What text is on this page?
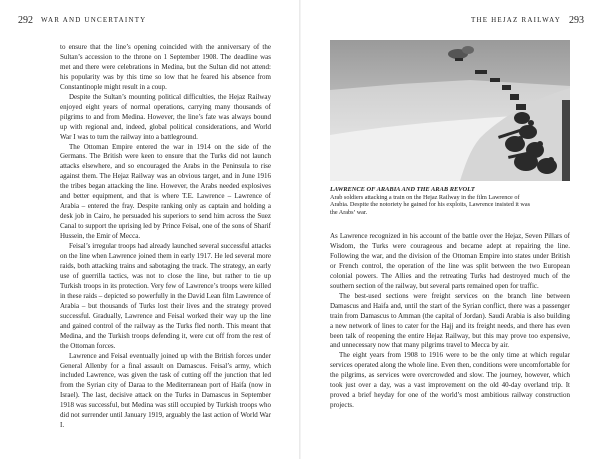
292 WAR AND UNCERTAINTY

to ensure that the line’s opening coincided with the anniversary of the Sultan’s accession to the throne on 1 September 1908. The deadline was met and there were celebrations in Medina, but the Sultan did not attend: his popularity was by this time so low that he feared his absence from Constantinople might result in a coup.

Despite the Sultan’s mounting political difficulties, the Hejaz Railway enjoyed eight years of normal operations, carrying many thousands of pilgrims to and from Medina. However, the line’s fate was always bound up with regional and, indeed, global political considerations, and World War I was to turn the railway into a battleground.

The Ottoman Empire entered the war in 1914 on the side of the Germans. The British were keen to ensure that the Turks did not launch attacks elsewhere, and so encouraged the Arabs in the Peninsula to rise against them. The Hejaz Railway was an obvious target, and in June 1916 the tribes began attacking the line. However, the Arabs needed explosives and better equipment, and that is where T.E. Lawrence – Lawrence of Arabia – entered the fray. Despite ranking only as captain and holding a desk job in Cairo, he persuaded his superiors to send him across the Suez Canal to support the uprising led by Prince Feisal, one of the sons of Sharif Hussein, the Emir of Mecca.

Feisal’s irregular troops had already launched several successful attacks on the line when Lawrence joined them in early 1917. He led several more raids, both attacking trains and sabotaging the track. The strategy, an early use of guerrilla tactics, was not to close the line, but rather to tie up Turkish troops in its protection. Very few of Lawrence’s troops were killed in these raids – depicted so powerfully in the David Lean film Lawrence of Arabia – but thousands of Turks lost their lives and the strategy proved successful. Gradually, Lawrence and Feisal worked their way up the line and gained control of the railway as the Turks fled north. This meant that Medina, and the Turkish troops defending it, were cut off from the rest of the Ottoman forces.

Lawrence and Feisal eventually joined up with the British forces under General Allenby for a final assault on Damascus. Feisal’s army, which included Lawrence, was given the task of cutting off the junction that led from the Syrian city of Daraa to the Mediterranean port of Haifa (now in Israel). The last, decisive attack on the Turks in Damascus in September 1918 was successful, but Medina was still occupied by Turkish troops who did not surrender until January 1919, arguably the last action of World War I.

THE HEJAZ RAILWAY 293
LAWRENCE OF ARABIA AND THE ARAB REVOLT
Arab soldiers attacking a train on the Hejaz Railway in the film Lawrence of Arabia. Despite the notoriety he gained for his exploits, Lawrence insisted it was the Arabs’ war.

As Lawrence recognized in his account of the battle over the Hejaz, Seven Pillars of Wisdom, the Turks were courageous and became adept at repairing the line. Following the war, and the division of the Ottoman Empire into states under British or French control, the operation of the line was split between the two European colonial powers. The Allies and the retreating Turks had destroyed much of the southern section of the railway, but several parts remained open for traffic.

The best-used sections were freight services on the branch line between Damascus and Haifa and, until the start of the Syrian conflict, there was a passenger train from Damascus to Amman (the capital of Jordan). Saudi Arabia is also building a new network of lines to cater for the Hajj and its freight needs, and there has even been talk of reopening the entire Hejaz Railway, but this may prove too expensive, and unnecessary now that many pilgrims travel to Mecca by air.

The eight years from 1908 to 1916 were to be the only time at which regular services operated along the whole line. Even then, conditions were uncomfortable for the pilgrims, as services were overcrowded and slow. The journey, however, which took just over a day, was a vast improvement on the old 40-day overland trip. It proved a brief heyday for one of the world’s most ambitious railway construction projects.
